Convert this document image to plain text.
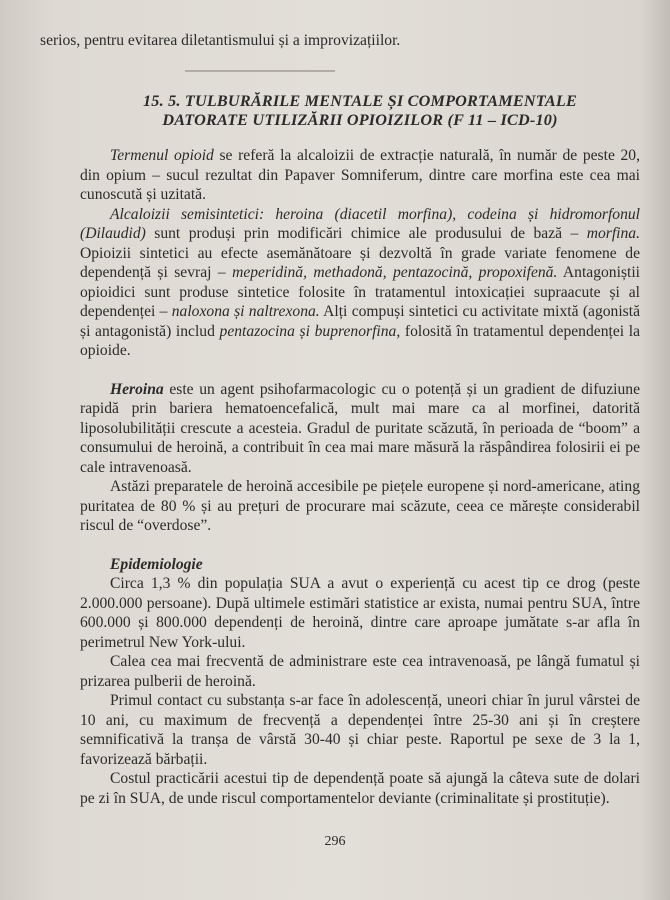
serios, pentru evitarea diletantismului și a improvizațiilor.

15. 5. TULBURĂRILE MENTALE ȘI COMPORTAMENTALE
DATORATE UTILIZĂRII OPIOIZILOR (F 11 – ICD-10)

Termenul opioid se referă la alcaloizii de extracție naturală, în număr de peste 20, din opium – sucul rezultat din Papaver Somniferum, dintre care morfina este cea mai cunoscută și uzitată.

Alcaloizii semisintetici: heroina (diacetil morfina), codeina și hidromorfonul (Dilaudid) sunt produși prin modificări chimice ale produsului de bază – morfina. Opioizii sintetici au efecte asemănătoare și dezvoltă în grade variate fenomene de dependență și sevraj – meperidină, methadonă, pentazocină, propoxifenă. Antagoniștii opioidici sunt produse sintetice folosite în tratamentul intoxicației supraacute și al dependenței – naloxona și naltrexona. Alți compuși sintetici cu activitate mixtă (agonistă și antagonistă) includ pentazocina și buprenorfina, folosită în tratamentul dependenței la opioide.

Heroina este un agent psihofarmacologic cu o potență și un gradient de difuziune rapidă prin bariera hematoencefalică, mult mai mare ca al morfinei, datorită liposolubilității crescute a acesteia. Gradul de puritate scăzută, în perioada de “boom” a consumului de heroină, a contribuit în cea mai mare măsură la răspândirea folosirii ei pe cale intravenoasă.

Astăzi preparatele de heroină accesibile pe piețele europene și nord-americane, ating puritatea de 80 % și au prețuri de procurare mai scăzute, ceea ce mărește considerabil riscul de “overdose”.

Epidemiologie

Circa 1,3 % din populația SUA a avut o experiență cu acest tip ce drog (peste 2.000.000 persoane). După ultimele estimări statistice ar exista, numai pentru SUA, între 600.000 și 800.000 dependenți de heroină, dintre care aproape jumătate s-ar afla în perimetrul New York-ului.

Calea cea mai frecventă de administrare este cea intravenoasă, pe lângă fumatul și prizarea pulberii de heroină.

Primul contact cu substanța s-ar face în adolescență, uneori chiar în jurul vârstei de 10 ani, cu maximum de frecvență a dependenței între 25-30 ani și în creștere semnificativă la tranșa de vârstă 30-40 și chiar peste. Raportul pe sexe de 3 la 1, favorizează bărbații.

Costul practicării acestui tip de dependență poate să ajungă la câteva sute de dolari pe zi în SUA, de unde riscul comportamentelor deviante (criminalitate și prostituție).

296
